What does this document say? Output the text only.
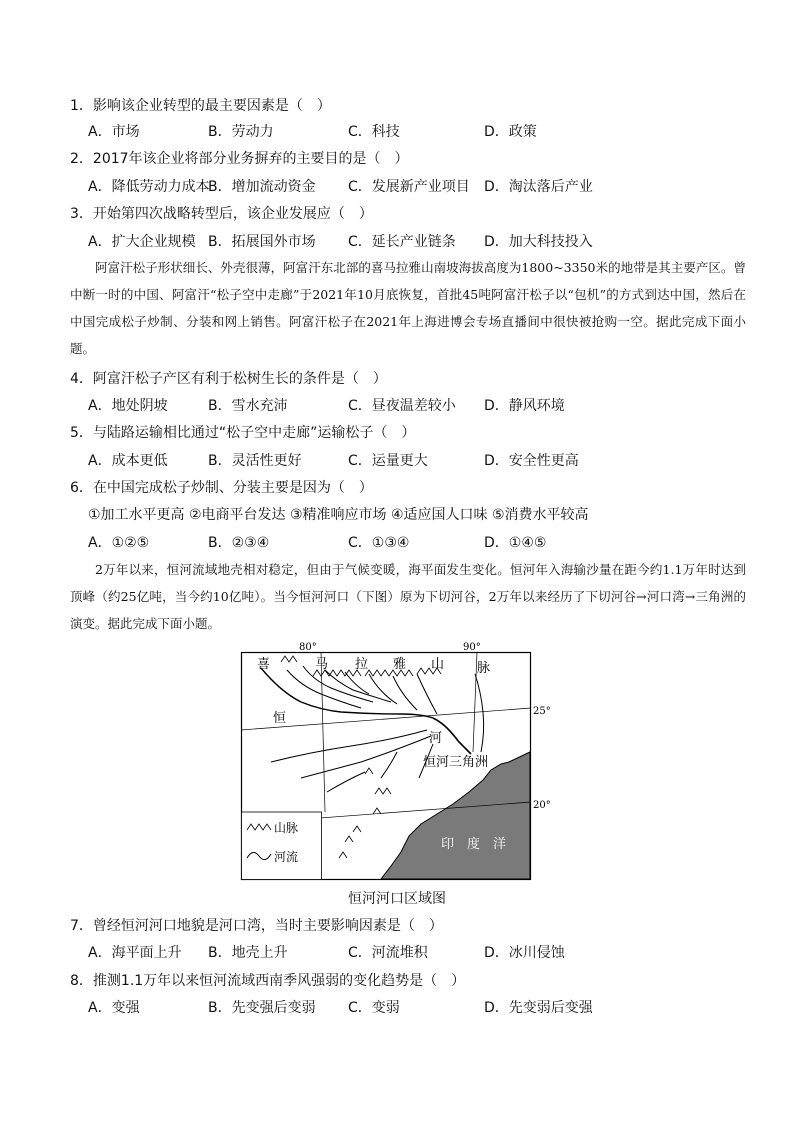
1．影响该企业转型的最主要因素是（　）
A．市场	B．劳动力	C．科技	D．政策
2．2017年该企业将部分业务摒弃的主要目的是（　）
A．降低劳动力成本
B．增加流动资金 C．发展新产业项目 D．淘汰落后产业
3．开始第四次战略转型后，该企业发展应（　）
A．扩大企业规模 B．拓展国外市场 C．延长产业链条 D．加大科技投入
阿富汗松子形状细长、外壳很薄，阿富汗东北部的喜马拉雅山南坡海拔高度为1800~3350米的地带是其主要产区。曾中断一时的中国、阿富汗“松子空中走廊”于2021年10月底恢复，首批45吨阿富汗松子以“包机”的方式到达中国，然后在中国完成松子炒制、分装和网上销售。阿富汗松子在2021年上海进博会专场直播间中很快被抢购一空。据此完成下面小题。
4．阿富汗松子产区有利于松树生长的条件是（　）
A．地处阴坡	B．雪水充沛	C．昼夜温差较小 D．静风环境
5．与陆路运输相比通过“松子空中走廊”运输松子（　）
A．成本更低	B．灵活性更好	C．运量更大	D．安全性更高
6．在中国完成松子炒制、分装主要是因为（　）
①加工水平更高 ②电商平台发达 ③精准响应市场 ④适应国人口味 ⑤消费水平较高
A．①②⑤	B．②③④	C．①③④	D．①④⑤
2万年以来，恒河流域地壳相对稳定，但由于气候变暖，海平面发生变化。恒河年入海输沙量在距今约1.1万年时达到顶峰（约25亿吨，当今约10亿吨）。当今恒河河口（下图）原为下切河谷，2万年以来经历了下切河谷→河口湾→三角洲的演变。据此完成下面小题。
山脉
河流
80°	90°
25°
20°
喜	马 拉 雅 山	脉
恒
河
恒河三角洲
印　度　洋
恒河河口区域图
7．曾经恒河河口地貌是河口湾，当时主要影响因素是（　）
A．海平面上升 B．地壳上升	C．河流堆积	D．冰川侵蚀
8．推测1.1万年以来恒河流域西南季风强弱的变化趋势是（　）
A．变强	B．先变强后变弱 C．变弱	D．先变弱后变强
